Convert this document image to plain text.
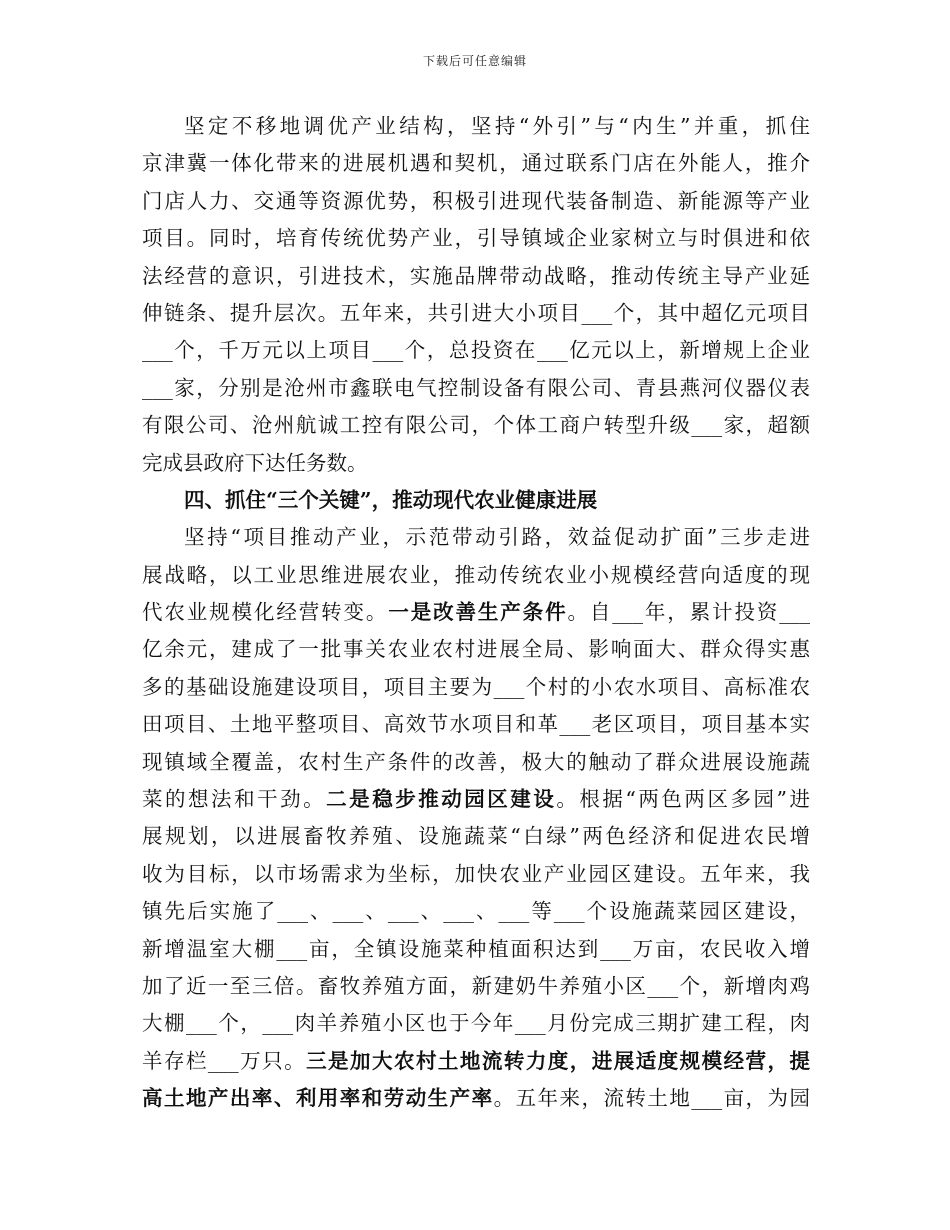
下载后可任意编辑
坚定不移地调优产业结构，坚持“外引”与“内生”并重，抓住
京津冀一体化带来的进展机遇和契机，通过联系门店在外能人，推介
门店人力、交通等资源优势，积极引进现代装备制造、新能源等产业
项目。同时，培育传统优势产业，引导镇域企业家树立与时俱进和依
法经营的意识，引进技术，实施品牌带动战略，推动传统主导产业延
伸链条、提升层次。五年来，共引进大小项目___个，其中超亿元项目
___个，千万元以上项目___个，总投资在___亿元以上，新增规上企业
___家，分别是沧州市鑫联电气控制设备有限公司、青县燕河仪器仪表
有限公司、沧州航诚工控有限公司，个体工商户转型升级___家，超额
完成县政府下达任务数。
四、抓住“三个关键”，推动现代农业健康进展
坚持“项目推动产业，示范带动引路，效益促动扩面”三步走进
展战略，以工业思维进展农业，推动传统农业小规模经营向适度的现
代农业规模化经营转变。一是改善生产条件。自___年，累计投资___
亿余元，建成了一批事关农业农村进展全局、影响面大、群众得实惠
多的基础设施建设项目，项目主要为___个村的小农水项目、高标准农
田项目、土地平整项目、高效节水项目和革___老区项目，项目基本实
现镇域全覆盖，农村生产条件的改善，极大的触动了群众进展设施蔬
菜的想法和干劲。二是稳步推动园区建设。根据“两色两区多园”进
展规划，以进展畜牧养殖、设施蔬菜“白绿”两色经济和促进农民增
收为目标，以市场需求为坐标，加快农业产业园区建设。五年来，我
镇先后实施了___、___、___、___、___等___个设施蔬菜园区建设，
新增温室大棚___亩，全镇设施菜种植面积达到___万亩，农民收入增
加了近一至三倍。畜牧养殖方面，新建奶牛养殖小区___个，新增肉鸡
大棚___个，___肉羊养殖小区也于今年___月份完成三期扩建工程，肉
羊存栏___万只。三是加大农村土地流转力度，进展适度规模经营，提
高土地产出率、利用率和劳动生产率。五年来，流转土地___亩，为园
